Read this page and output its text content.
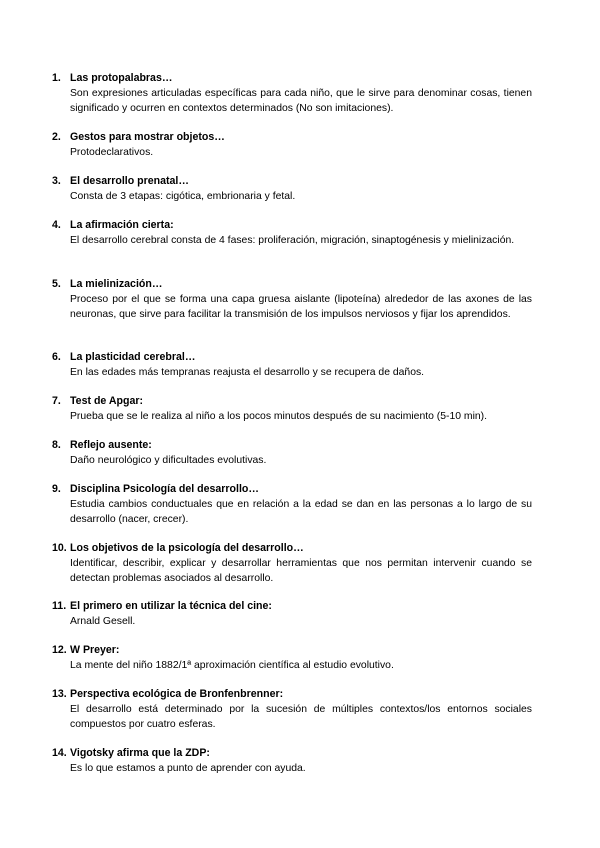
1. Las protopalabras…
Son expresiones articuladas específicas para cada niño, que le sirve para denominar cosas, tienen significado y ocurren en contextos determinados (No son imitaciones).
2. Gestos para mostrar objetos…
Protodeclarativos.
3. El desarrollo prenatal…
Consta de 3 etapas: cigótica, embrionaria y fetal.
4. La afirmación cierta:
El desarrollo cerebral consta de 4 fases: proliferación, migración, sinaptogénesis y mielinización.
5. La mielinización…
Proceso por el que se forma una capa gruesa aislante (lipoteína) alrededor de las axones de las neuronas, que sirve para facilitar la transmisión de los impulsos nerviosos y fijar los aprendidos.
6. La plasticidad cerebral…
En las edades más tempranas reajusta el desarrollo y se recupera de daños.
7. Test de Apgar:
Prueba que se le realiza al niño a los pocos minutos después de su nacimiento (5-10 min).
8. Reflejo ausente:
Daño neurológico y dificultades evolutivas.
9. Disciplina Psicología del desarrollo…
Estudia cambios conductuales que en relación a la edad se dan en las personas a lo largo de su desarrollo (nacer, crecer).
10. Los objetivos de la psicología del desarrollo…
Identificar, describir, explicar y desarrollar herramientas que nos permitan intervenir cuando se detectan problemas asociados al desarrollo.
11. El primero en utilizar la técnica del cine:
Arnald Gesell.
12. W Preyer:
La mente del niño 1882/1ª aproximación científica al estudio evolutivo.
13. Perspectiva ecológica de Bronfenbrenner:
El desarrollo está determinado por la sucesión de múltiples contextos/los entornos sociales compuestos por cuatro esferas.
14. Vigotsky afirma que la ZDP:
Es lo que estamos a punto de aprender con ayuda.
